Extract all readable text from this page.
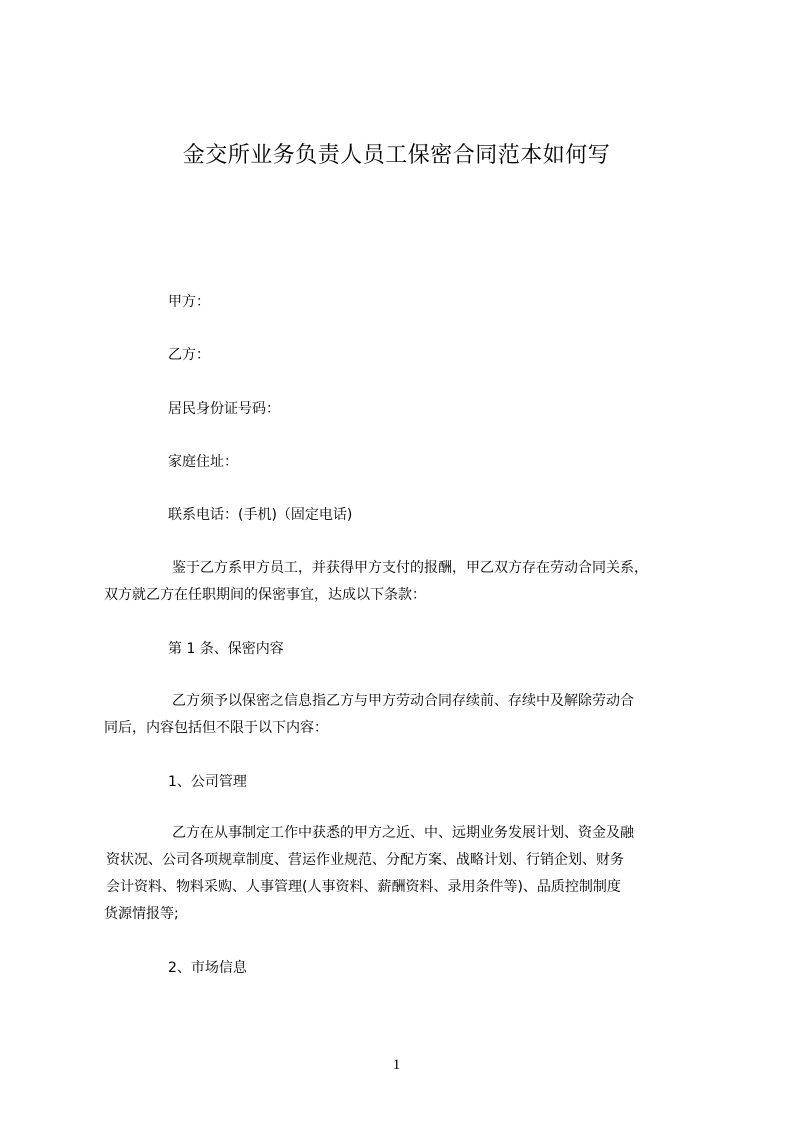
金交所业务负责人员工保密合同范本如何写
甲方：
乙方：
居民身份证号码：
家庭住址：
联系电话：(手机)（固定电话)
鉴于乙方系甲方员工，并获得甲方支付的报酬，甲乙双方存在劳动合同关系，
双方就乙方在任职期间的保密事宜，达成以下条款：
第 1 条、保密内容
乙方须予以保密之信息指乙方与甲方劳动合同存续前、存续中及解除劳动合
同后，内容包括但不限于以下内容：
1、公司管理
乙方在从事制定工作中获悉的甲方之近、中、远期业务发展计划、资金及融
资状况、公司各项规章制度、营运作业规范、分配方案、战略计划、行销企划、财务
会计资料、物料采购、人事管理(人事资料、薪酬资料、录用条件等)、品质控制制度
货源情报等;
2、市场信息
1
